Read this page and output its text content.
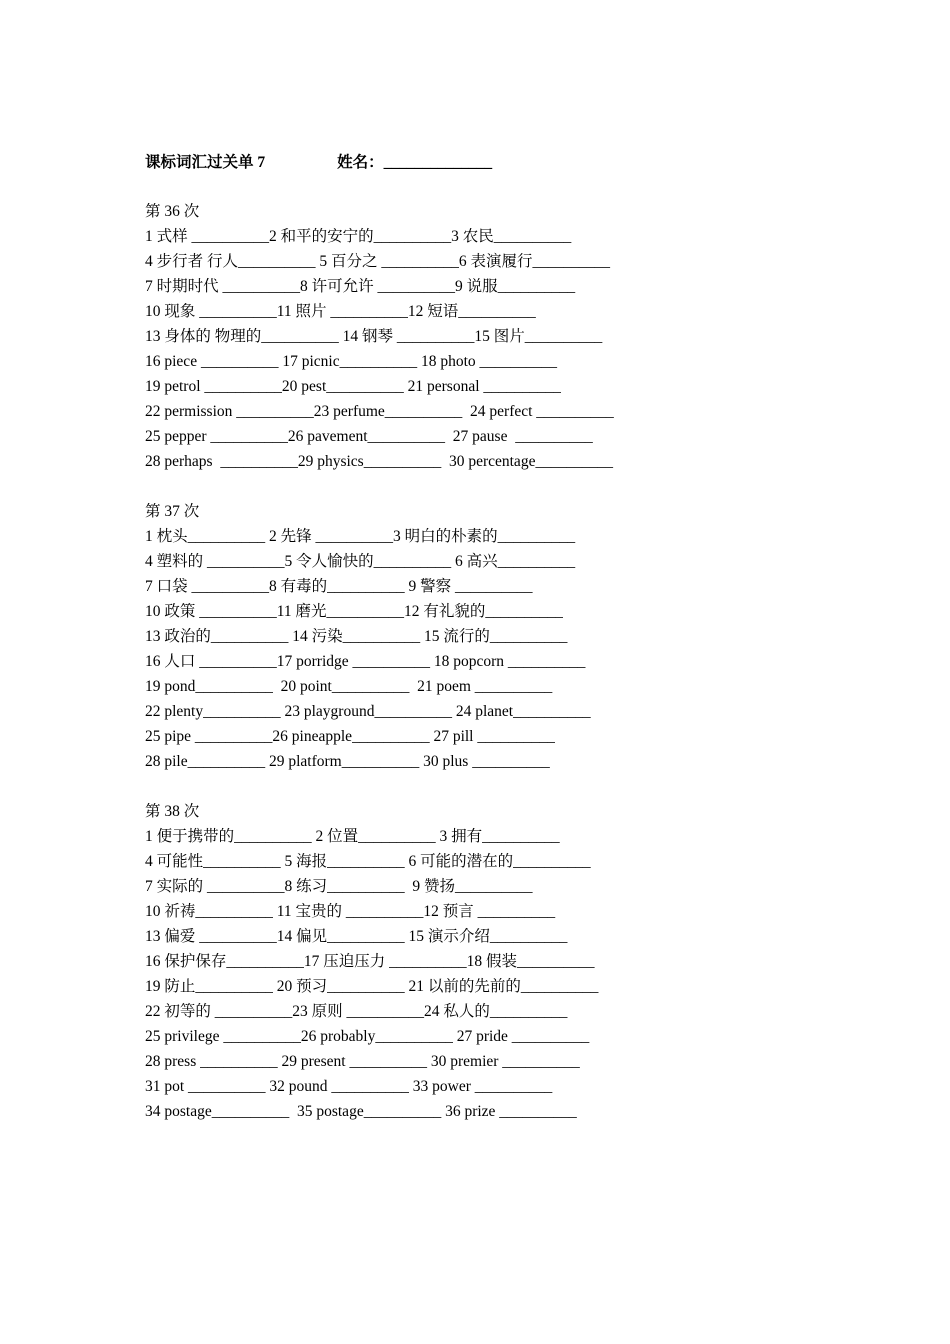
课标词汇过关单 7	姓名：______________
第 36 次
1 式样 __________2 和平的安宁的__________3 农民__________
4 步行者 行人__________ 5 百分之 __________6 表演履行__________
7 时期时代 __________8 许可允许 __________9 说服__________
10 现象 __________11 照片 __________12 短语__________
13 身体的 物理的__________ 14 钢琴 __________15 图片__________
16 piece __________ 17 picnic__________ 18 photo __________
19 petrol __________20 pest__________ 21 personal __________
22 permission __________23 perfume__________  24 perfect __________
25 pepper __________26 pavement__________  27 pause  __________
28 perhaps  __________29 physics__________  30 percentage__________
第 37 次
1 枕头__________ 2 先锋 __________3 明白的朴素的__________
4 塑料的 __________5 令人愉快的__________ 6 高兴__________
7 口袋 __________8 有毒的__________ 9 警察 __________
10 政策 __________11 磨光__________12 有礼貌的__________
13 政治的__________ 14 污染__________ 15 流行的__________
16 人口 __________17 porridge __________ 18 popcorn __________
19 pond__________  20 point__________  21 poem __________
22 plenty__________ 23 playground__________ 24 planet__________
25 pipe __________26 pineapple__________ 27 pill __________
28 pile__________ 29 platform__________ 30 plus __________
第 38 次
1 便于携带的__________ 2 位置__________ 3 拥有__________
4 可能性__________ 5 海报__________ 6 可能的潜在的__________
7 实际的 __________8 练习__________  9 赞扬__________
10 祈祷__________ 11 宝贵的 __________12 预言 __________
13 偏爱 __________14 偏见__________ 15 演示介绍__________
16 保护保存__________17 压迫压力 __________18 假装__________
19 防止__________ 20 预习__________ 21 以前的先前的__________
22 初等的 __________23 原则 __________24 私人的__________
25 privilege __________26 probably__________ 27 pride __________
28 press __________ 29 present __________ 30 premier __________
31 pot __________ 32 pound __________ 33 power __________
34 postage__________  35 postage__________ 36 prize __________
